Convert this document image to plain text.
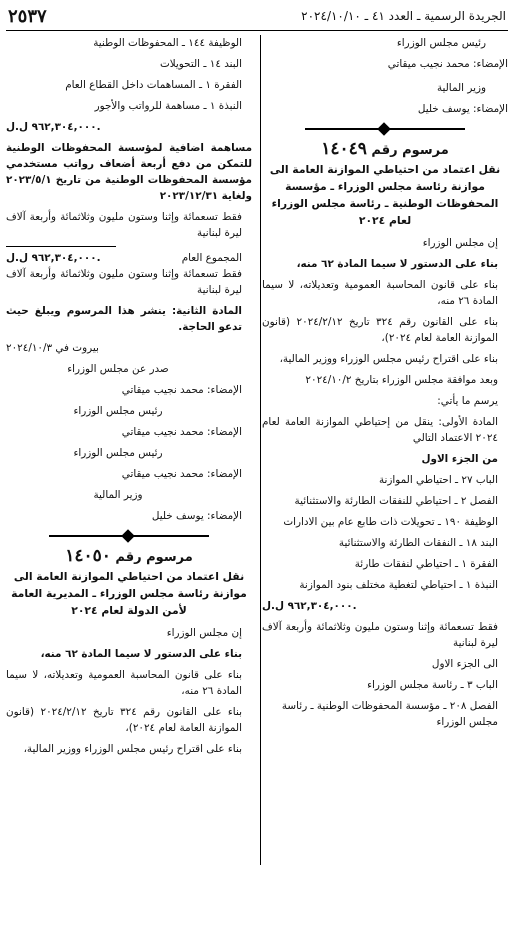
الجريدة الرسمية ـ العدد ٤١ ـ ٢٠٢٤/١٠/١٠
٢٥٣٧

رئيس مجلس الوزراء

الإمضاء: محمد نجيب ميقاتي

وزير المالية

الإمضاء: يوسف خليل

مرسوم رقم ١٤٠٤٩
نقل اعتماد من احتياطي الموازنة العامة الى موازنة رئاسة مجلس الوزراء ـ مؤسسة المحفوظات الوطنية ـ رئاسة مجلس الوزراء لعام ٢٠٢٤

إن مجلس الوزراء

بناء على الدستور لا سيما المادة ٦٢ منه،

بناء على قانون المحاسبة العمومية وتعديلاته، لا سيما المادة ٢٦ منه،

بناء على القانون رقم ٣٢٤ تاريخ ٢٠٢٤/٢/١٢ (قانون الموازنة العامة لعام ٢٠٢٤)،

بناء على اقتراح رئيس مجلس الوزراء ووزير المالية،

وبعد موافقة مجلس الوزراء بتاريخ ٢٠٢٤/١٠/٢

يرسم ما يأتي:

المادة الأولى: ينقل من إحتياطي الموازنة العامة لعام ٢٠٢٤ الاعتماد التالي

من الجزء الاول

الباب ٢٧ ـ احتياطي الموازنة

الفصل ٢ ـ احتياطي للنفقات الطارئة والاستثنائية

الوظيفة ١٩٠ ـ تحويلات ذات طابع عام بين الادارات

البند ١٨ ـ النفقات الطارئة والاستثنائية

الفقرة ١ ـ احتياطي لنفقات طارئة

النبذة ١ ـ احتياطي لتغطية مختلف بنود الموازنة

٩٦٢,٣٠٤,٠٠٠ ل.ل.

فقط تسعمائة وإثنا وستون مليون وثلاثمائة وأربعة آلاف ليرة لبنانية

الى الجزء الاول

الباب ٣ ـ رئاسة مجلس الوزراء

الفصل ٢٠٨ ـ مؤسسة المحفوظات الوطنية ـ رئاسة مجلس الوزراء

الوظيفة ١٤٤ ـ المحفوظات الوطنية

البند ١٤ ـ التحويلات

الفقرة ١ ـ المساهمات داخل القطاع العام

النبذة ١ ـ مساهمة للرواتب والأجور

٩٦٢,٣٠٤,٠٠٠ ل.ل.

مساهمة اضافية لمؤسسة المحفوظات الوطنية للتمكن من دفع أربعة أضعاف رواتب مستخدمي مؤسسة المحفوظات الوطنية من تاريخ ٢٠٢٣/٥/١ ولغاية ٢٠٢٣/١٢/٣١

فقط تسعمائة وإثنا وستون مليون وثلاثمائة وأربعة آلاف ليرة لبنانية

المجموع العام
٩٦٢,٣٠٤,٠٠٠ ل.ل.

فقط تسعمائة وإثنا وستون مليون وثلاثمائة وأربعة آلاف ليرة لبنانية

المادة الثانية: ينشر هذا المرسوم ويبلغ حيث تدعو الحاجة.

بيروت في ٢٠٢٤/١٠/٣

صدر عن مجلس الوزراء

الإمضاء: محمد نجيب ميقاتي

رئيس مجلس الوزراء

الإمضاء: محمد نجيب ميقاتي

رئيس مجلس الوزراء

الإمضاء: محمد نجيب ميقاتي

وزير المالية

الإمضاء: يوسف خليل

مرسوم رقم ١٤٠٥٠
نقل اعتماد من احتياطي الموازنة العامة الى موازنة رئاسة مجلس الوزراء ـ المديرية العامة لأمن الدولة لعام ٢٠٢٤

إن مجلس الوزراء

بناء على الدستور لا سيما المادة ٦٢ منه،

بناء على قانون المحاسبة العمومية وتعديلاته، لا سيما المادة ٢٦ منه،

بناء على القانون رقم ٣٢٤ تاريخ ٢٠٢٤/٢/١٢ (قانون الموازنة العامة لعام ٢٠٢٤)،

بناء على اقتراح رئيس مجلس الوزراء ووزير المالية،
